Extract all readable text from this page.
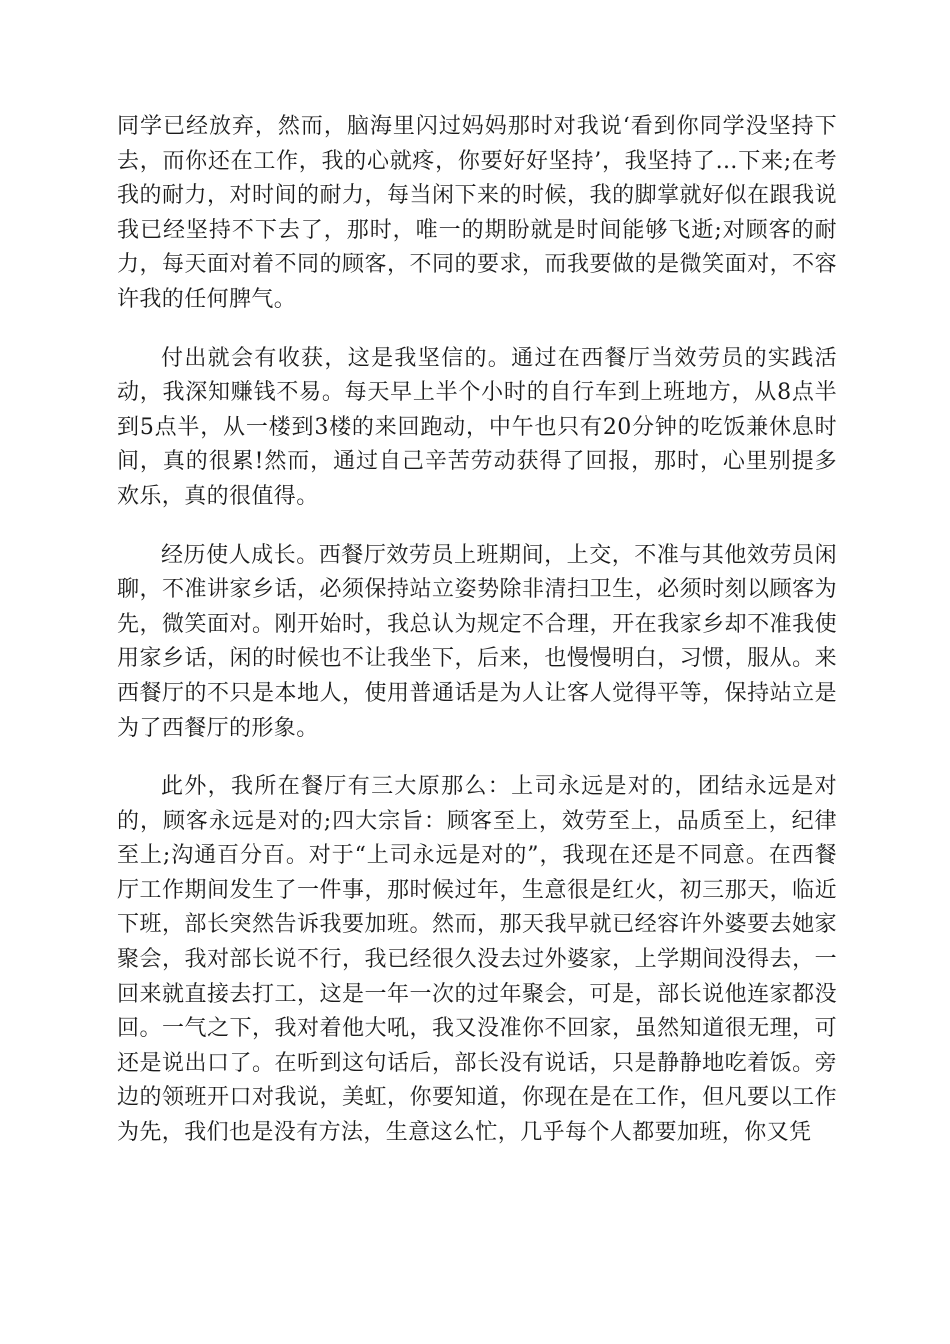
同学已经放弃，然而，脑海里闪过妈妈那时对我说‘看到你同学没坚持下去，而你还在工作，我的心就疼，你要好好坚持’，我坚持了…下来;在考我的耐力，对时间的耐力，每当闲下来的时候，我的脚掌就好似在跟我说我已经坚持不下去了，那时，唯一的期盼就是时间能够飞逝;对顾客的耐力，每天面对着不同的顾客，不同的要求，而我要做的是微笑面对，不容许我的任何脾气。

付出就会有收获，这是我坚信的。通过在西餐厅当效劳员的实践活动，我深知赚钱不易。每天早上半个小时的自行车到上班地方，从8点半到5点半，从一楼到3楼的来回跑动，中午也只有20分钟的吃饭兼休息时间，真的很累!然而，通过自己辛苦劳动获得了回报，那时，心里别提多欢乐，真的很值得。

经历使人成长。西餐厅效劳员上班期间，上交，不准与其他效劳员闲聊，不准讲家乡话，必须保持站立姿势除非清扫卫生，必须时刻以顾客为先，微笑面对。刚开始时，我总认为规定不合理，开在我家乡却不准我使用家乡话，闲的时候也不让我坐下，后来，也慢慢明白，习惯，服从。来西餐厅的不只是本地人，使用普通话是为人让客人觉得平等，保持站立是为了西餐厅的形象。

此外，我所在餐厅有三大原那么：上司永远是对的，团结永远是对的，顾客永远是对的;四大宗旨：顾客至上，效劳至上，品质至上，纪律至上;沟通百分百。对于“上司永远是对的”，我现在还是不同意。在西餐厅工作期间发生了一件事，那时候过年，生意很是红火，初三那天，临近下班，部长突然告诉我要加班。然而，那天我早就已经容许外婆要去她家聚会，我对部长说不行，我已经很久没去过外婆家，上学期间没得去，一回来就直接去打工，这是一年一次的过年聚会，可是，部长说他连家都没回。一气之下，我对着他大吼，我又没准你不回家，虽然知道很无理，可还是说出口了。在听到这句话后，部长没有说话，只是静静地吃着饭。旁边的领班开口对我说，美虹，你要知道，你现在是在工作，但凡要以工作为先，我们也是没有方法，生意这么忙，几乎每个人都要加班，你又凭
